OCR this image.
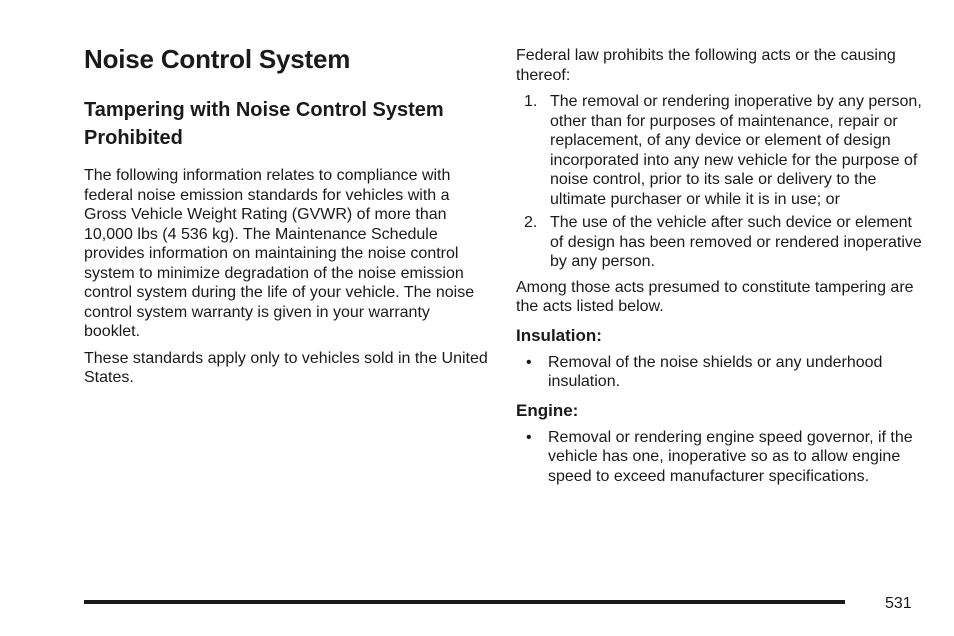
Noise Control System
Tampering with Noise Control System Prohibited

The following information relates to compliance with federal noise emission standards for vehicles with a Gross Vehicle Weight Rating (GVWR) of more than 10,000 lbs (4 536 kg). The Maintenance Schedule provides information on maintaining the noise control system to minimize degradation of the noise emission control system during the life of your vehicle. The noise control system warranty is given in your warranty booklet.

These standards apply only to vehicles sold in the United States.

Federal law prohibits the following acts or the causing thereof:

1. The removal or rendering inoperative by any person, other than for purposes of maintenance, repair or replacement, of any device or element of design incorporated into any new vehicle for the purpose of noise control, prior to its sale or delivery to the ultimate purchaser or while it is in use; or
2. The use of the vehicle after such device or element of design has been removed or rendered inoperative by any person.

Among those acts presumed to constitute tampering are the acts listed below.

Insulation:
• Removal of the noise shields or any underhood insulation.
Engine:
• Removal or rendering engine speed governor, if the vehicle has one, inoperative so as to allow engine speed to exceed manufacturer specifications.
531
